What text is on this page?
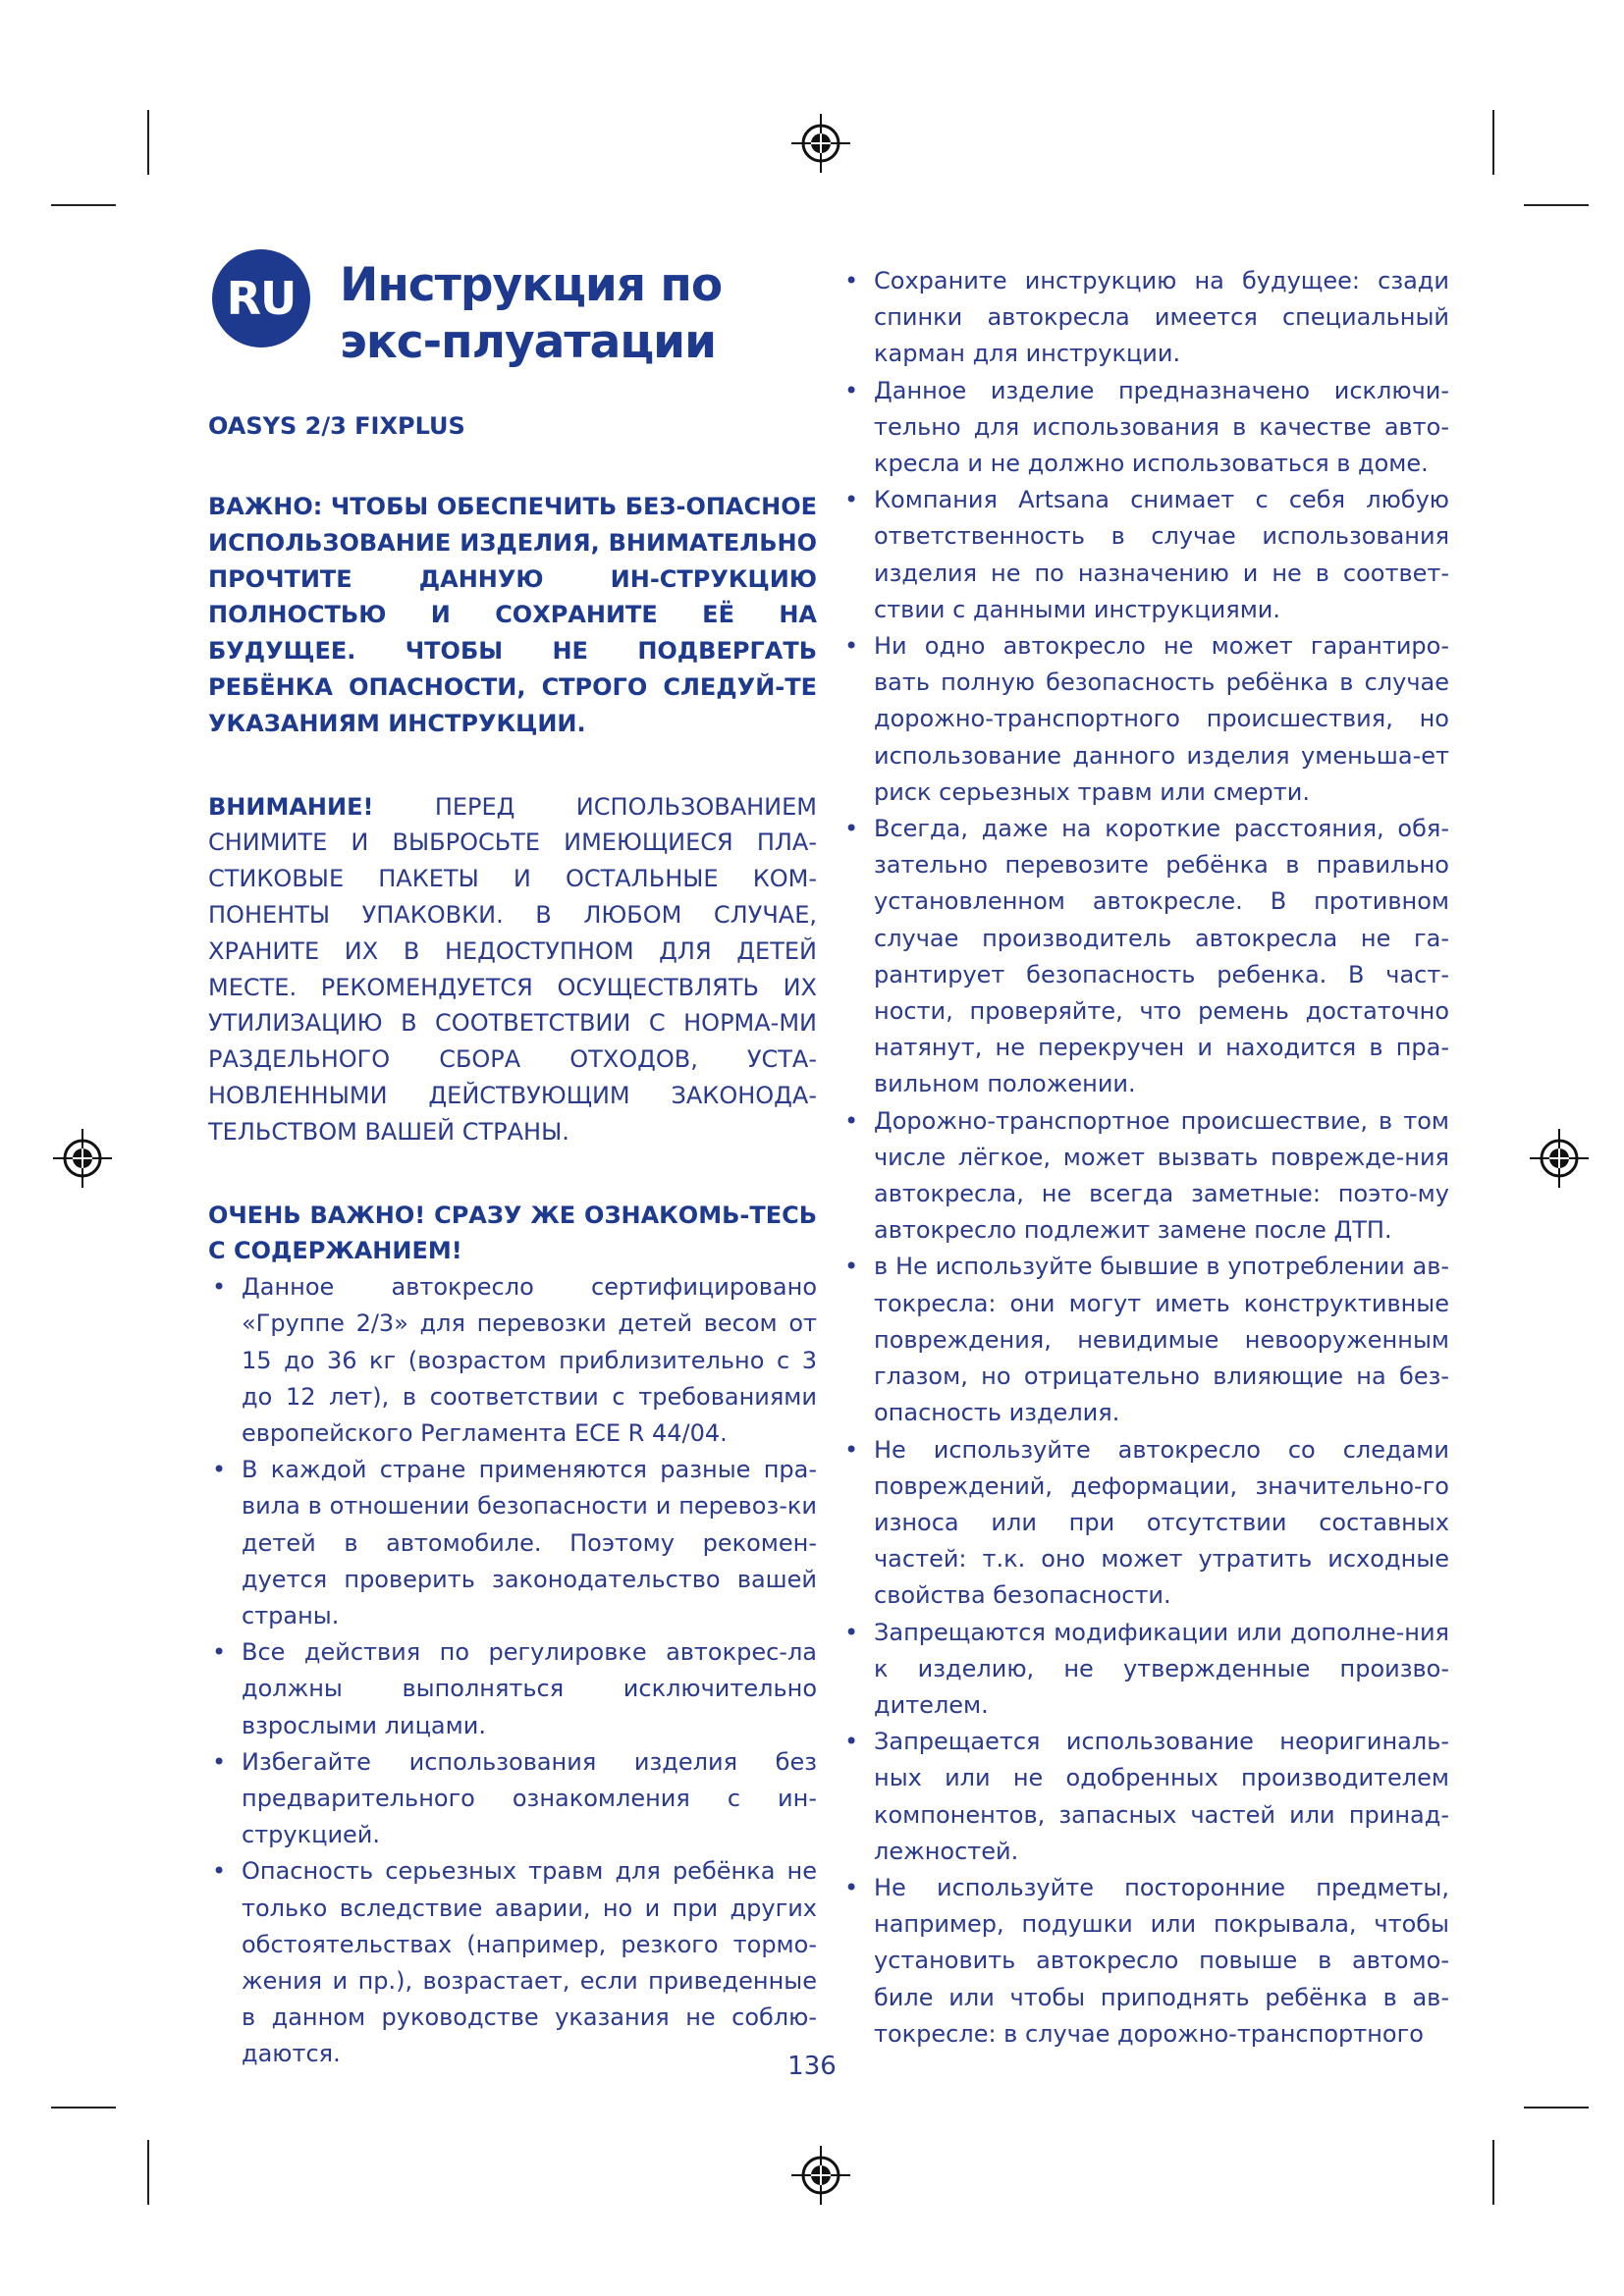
RU Инструкция по экс-плуатации

OASYS 2/3 FIXPLUS

ВАЖНО: ЧТОБЫ ОБЕСПЕЧИТЬ БЕЗ-ОПАСНОЕ ИСПОЛЬЗОВАНИЕ ИЗДЕЛИЯ, ВНИМАТЕЛЬНО ПРОЧТИТЕ ДАННУЮ ИН-СТРУКЦИЮ ПОЛНОСТЬЮ И СОХРАНИТЕ ЕЁ НА БУДУЩЕЕ. ЧТОБЫ НЕ ПОДВЕРГАТЬ РЕБЁНКА ОПАСНОСТИ, СТРОГО СЛЕДУЙ-ТЕ УКАЗАНИЯМ ИНСТРУКЦИИ.

ВНИМАНИЕ! ПЕРЕД ИСПОЛЬЗОВАНИЕМ СНИМИТЕ И ВЫБРОСЬТЕ ИМЕЮЩИЕСЯ ПЛА-СТИКОВЫЕ ПАКЕТЫ И ОСТАЛЬНЫЕ КОМ-ПОНЕНТЫ УПАКОВКИ. В ЛЮБОМ СЛУЧАЕ, ХРАНИТЕ ИХ В НЕДОСТУПНОМ ДЛЯ ДЕТЕЙ МЕСТЕ. РЕКОМЕНДУЕТСЯ ОСУЩЕСТВЛЯТЬ ИХ УТИЛИЗАЦИЮ В СООТВЕТСТВИИ С НОРМА-МИ РАЗДЕЛЬНОГО СБОРА ОТХОДОВ, УСТА-НОВЛЕННЫМИ ДЕЙСТВУЮЩИМ ЗАКОНОДА-ТЕЛЬСТВОМ ВАШЕЙ СТРАНЫ.

ОЧЕНЬ ВАЖНО! СРАЗУ ЖЕ ОЗНАКОМЬ-ТЕСЬ С СОДЕРЖАНИЕМ!

• Данное автокресло сертифицировано «Группе 2/3» для перевозки детей весом от 15 до 36 кг (возрастом приблизительно с 3 до 12 лет), в соответствии с требованиями европейского Регламента ECE R 44/04.
• В каждой стране применяются разные пра-вила в отношении безопасности и перевоз-ки детей в автомобиле. Поэтому рекомен-дуется проверить законодательство вашей страны.
• Все действия по регулировке автокрес-ла должны выполняться исключительно взрослыми лицами.
• Избегайте использования изделия без предварительного ознакомления с ин-струкцией.
• Опасность серьезных травм для ребёнка не только вследствие аварии, но и при других обстоятельствах (например, резкого тормо-жения и пр.), возрастает, если приведенные в данном руководстве указания не соблю-даются.
• Сохраните инструкцию на будущее: сзади спинки автокресла имеется специальный карман для инструкции.
• Данное изделие предназначено исключи-тельно для использования в качестве авто-кресла и не должно использоваться в доме.
• Компания Artsana снимает с себя любую ответственность в случае использования изделия не по назначению и не в соответ-ствии с данными инструкциями.
• Ни одно автокресло не может гарантиро-вать полную безопасность ребёнка в случае дорожно-транспортного происшествия, но использование данного изделия уменьша-ет риск серьезных травм или смерти.
• Всегда, даже на короткие расстояния, обя-зательно перевозите ребёнка в правильно установленном автокресле. В противном случае производитель автокресла не га-рантирует безопасность ребенка. В част-ности, проверяйте, что ремень достаточно натянут, не перекручен и находится в пра-вильном положении.
• Дорожно-транспортное происшествие, в том числе лёгкое, может вызвать поврежде-ния автокресла, не всегда заметные: поэто-му автокресло подлежит замене после ДТП.
• в Не используйте бывшие в употреблении ав-токресла: они могут иметь конструктивные повреждения, невидимые невооруженным глазом, но отрицательно влияющие на без-опасность изделия.
• Не используйте автокресло со следами повреждений, деформации, значительно-го износа или при отсутствии составных частей: т.к. оно может утратить исходные свойства безопасности.
• Запрещаются модификации или дополне-ния к изделию, не утвержденные произво-дителем.
• Запрещается использование неоригиналь-ных или не одобренных производителем компонентов, запасных частей или принад-лежностей.
• Не используйте посторонние предметы, например, подушки или покрывала, чтобы установить автокресло повыше в автомо-биле или чтобы приподнять ребёнка в ав-токресле: в случае дорожно-транспортного
136
